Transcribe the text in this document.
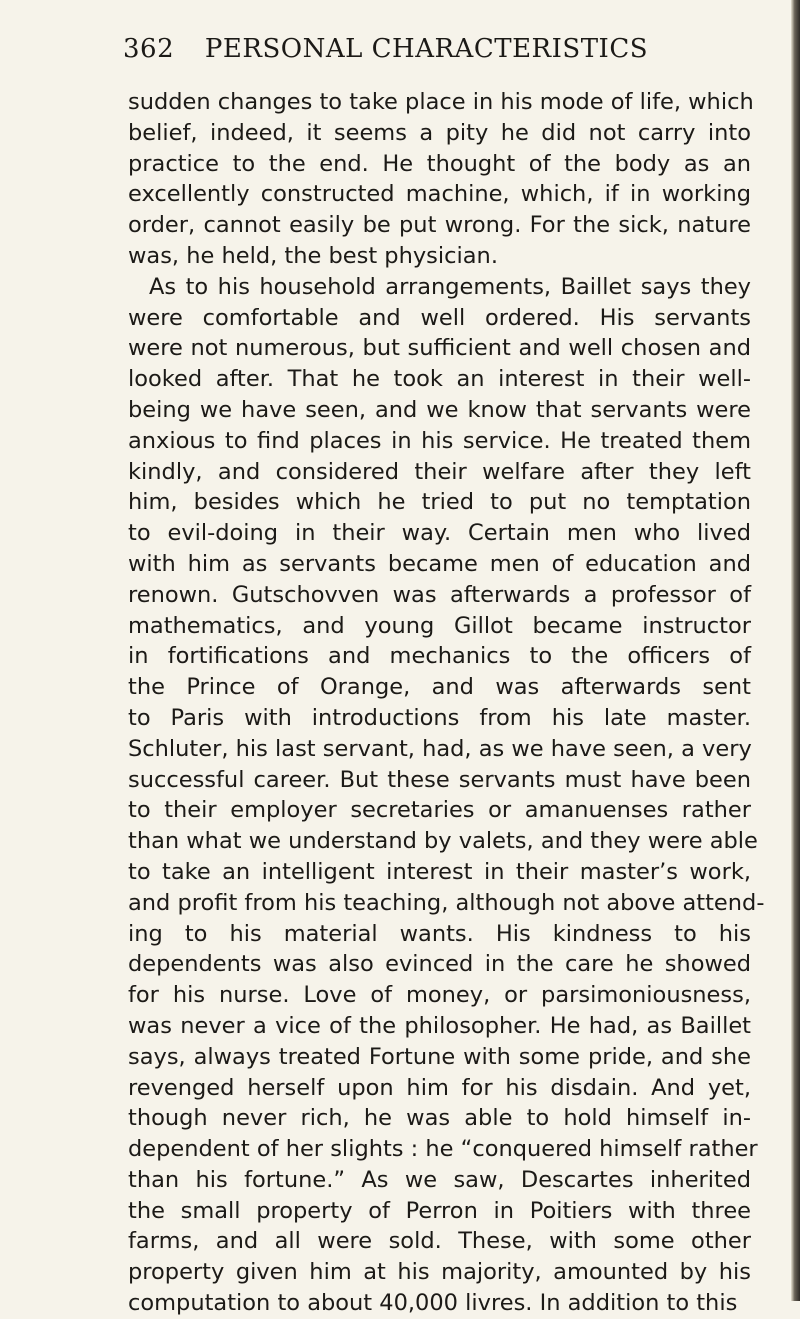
362 PERSONAL CHARACTERISTICS
sudden changes to take place in his mode of life, which
belief, indeed, it seems a pity he did not carry into
practice to the end. He thought of the body as an
excellently constructed machine, which, if in working
order, cannot easily be put wrong. For the sick, nature
was, he held, the best physician.
As to his household arrangements, Baillet says they
were comfortable and well ordered. His servants
were not numerous, but sufficient and well chosen and
looked after. That he took an interest in their well-
being we have seen, and we know that servants were
anxious to find places in his service. He treated them
kindly, and considered their welfare after they left
him, besides which he tried to put no temptation
to evil-doing in their way. Certain men who lived
with him as servants became men of education and
renown. Gutschovven was afterwards a professor of
mathematics, and young Gillot became instructor
in fortifications and mechanics to the officers of
the Prince of Orange, and was afterwards sent
to Paris with introductions from his late master.
Schluter, his last servant, had, as we have seen, a very
successful career. But these servants must have been
to their employer secretaries or amanuenses rather
than what we understand by valets, and they were able
to take an intelligent interest in their master’s work,
and profit from his teaching, although not above attend-
ing to his material wants. His kindness to his
dependents was also evinced in the care he showed
for his nurse. Love of money, or parsimoniousness,
was never a vice of the philosopher. He had, as Baillet
says, always treated Fortune with some pride, and she
revenged herself upon him for his disdain. And yet,
though never rich, he was able to hold himself in-
dependent of her slights : he “conquered himself rather
than his fortune.” As we saw, Descartes inherited
the small property of Perron in Poitiers with three
farms, and all were sold. These, with some other
property given him at his majority, amounted by his
computation to about 40,000 livres. In addition to this
